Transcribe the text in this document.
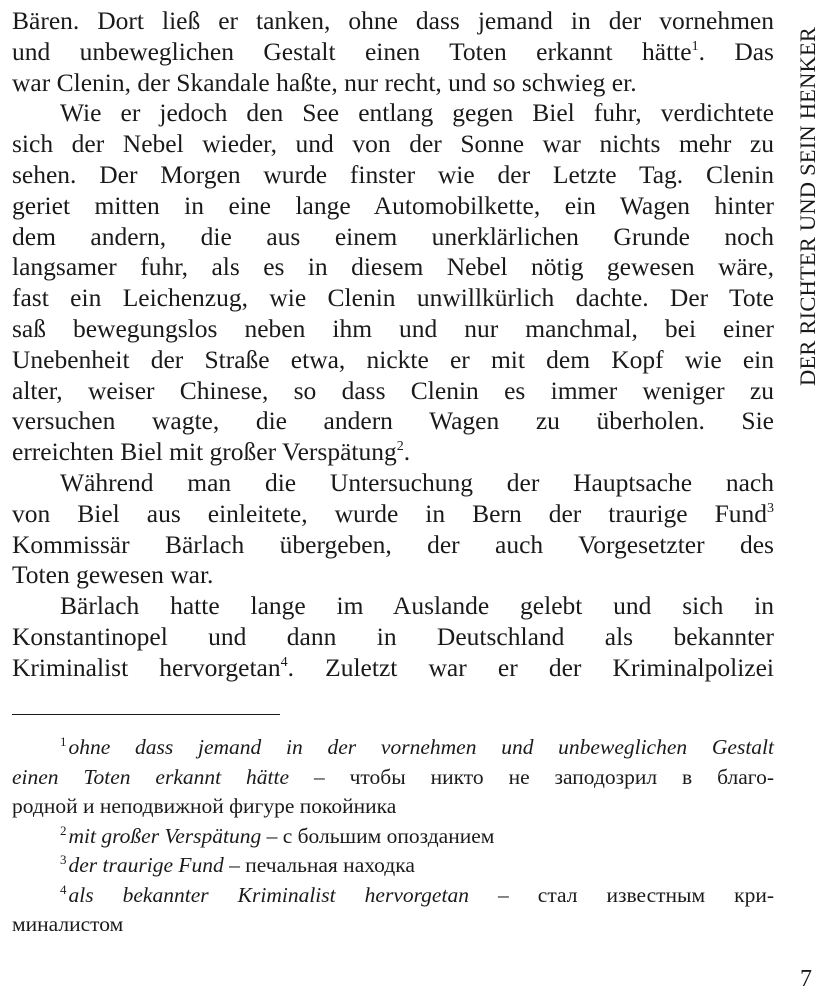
Bären. Dort ließ er tanken, ohne dass jemand in der vornehmen
und unbeweglichen Gestalt einen Toten erkannt hätte$^1$. Das
war Clenin, der Skandale haßte, nur recht, und so schwieg er.
Wie er jedoch den See entlang gegen Biel fuhr, verdichtete
sich der Nebel wieder, und von der Sonne war nichts mehr zu
sehen. Der Morgen wurde finster wie der Letzte Tag. Clenin
geriet mitten in eine lange Automobilkette, ein Wagen hinter
dem andern, die aus einem unerklärlichen Grunde noch
langsamer fuhr, als es in diesem Nebel nötig gewesen wäre,
fast ein Leichenzug, wie Clenin unwillkürlich dachte. Der Tote
saß bewegungslos neben ihm und nur manchmal, bei einer
Unebenheit der Straße etwa, nickte er mit dem Kopf wie ein
alter, weiser Chinese, so dass Clenin es immer weniger zu
versuchen wagte, die andern Wagen zu überholen. Sie
erreichten Biel mit großer Verspätung$^2$.
Während man die Untersuchung der Hauptsache nach
von Biel aus einleitete, wurde in Bern der traurige Fund$^3$
Kommissär Bärlach übergeben, der auch Vorgesetzter des
Toten gewesen war.
Bärlach hatte lange im Auslande gelebt und sich in
Konstantinopel und dann in Deutschland als bekannter
Kriminalist hervorgetan$^4$. Zuletzt war er der Kriminalpolizei
DER RICHTER UND SEIN HENKER
$^1$ohne dass jemand in der vornehmen und unbeweglichen Gestalt
einen Toten erkannt hätte – чтобы никто не заподозрил в благо-
родной и неподвижной фигуре покойника
$^2$mit großer Verspätung – с большим опозданием
$^3$der traurige Fund – печальная находка
$^4$als bekannter Kriminalist hervorgetan – стал известным кри-
миналистом
7
